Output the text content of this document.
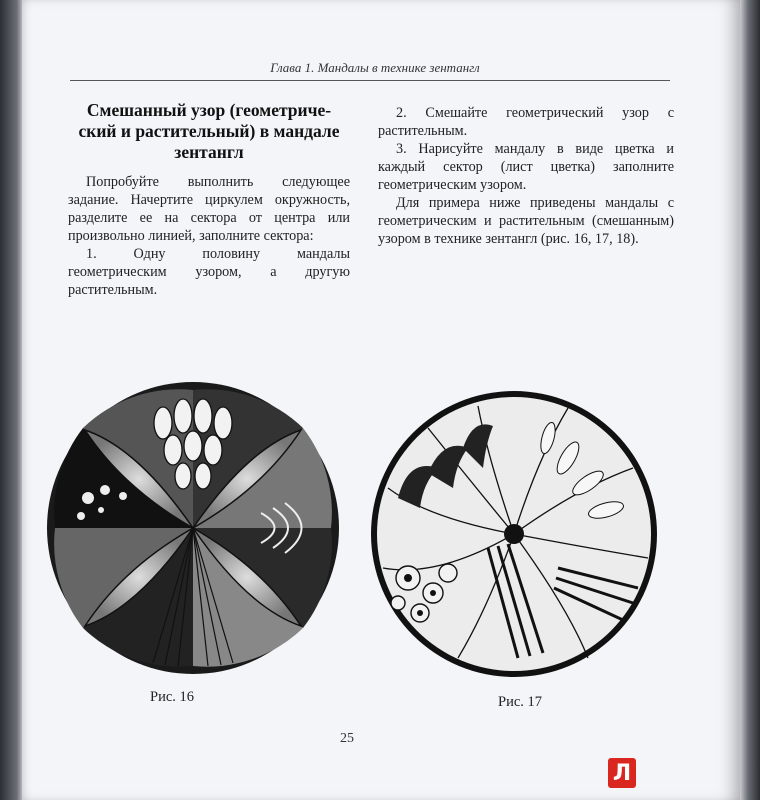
Глава 1. Мандалы в технике зентангл
Смешанный узор (геометриче-ский и растительный) в мандале зентангл

Попробуйте выполнить следующее задание. Начертите циркулем окружность, разделите ее на сектора от центра или произвольно линией, заполните сектора:

1. Одну половину мандалы геометрическим узором, а другую растительным.

2. Смешайте геометрический узор с растительным.

3. Нарисуйте мандалу в виде цветка и каждый сектор (лист цветка) заполните геометрическим узором.

Для примера ниже приведены мандалы с геометрическим и растительным (смешанным) узором в технике зентангл (рис. 16, 17, 18).

Рис. 16	Рис. 17
25
Л
